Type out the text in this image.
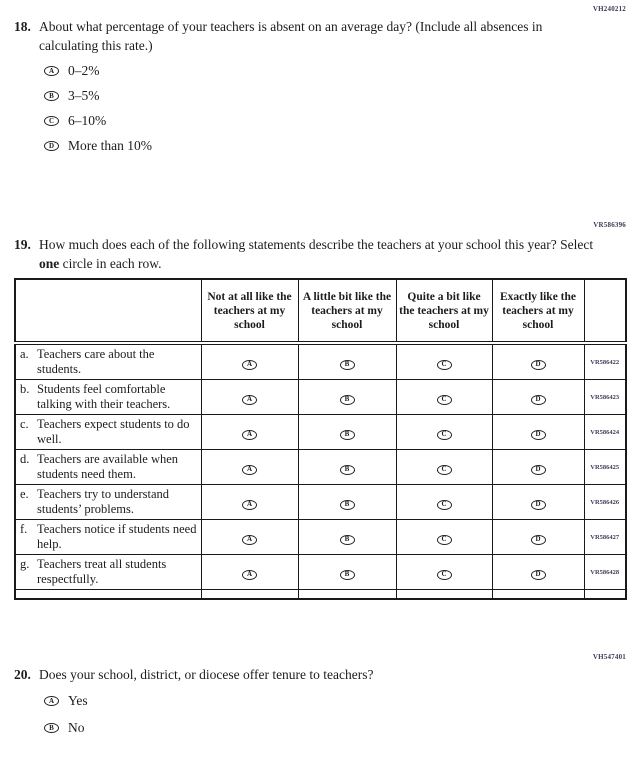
VH240212
18. About what percentage of your teachers is absent on an average day? (Include all absences in calculating this rate.)
A	0–2%
B	3–5%
C	6–10%
D	More than 10%
VR586396
19. How much does each of the following statements describe the teachers at your school this year? Select one circle in each row.
	Not at all like the teachers at my school	A little bit like the teachers at my school	Quite a bit like the teachers at my school	Exactly like the teachers at my school	

a. Teachers care about the students.	A	B	C	D	VR586422

b. Students feel comfortable talking with their teachers.	A	B	C	D	VR586423

c. Teachers expect students to do well.	A	B	C	D	VR586424

d. Teachers are available when students need them.	A	B	C	D	VR586425

e. Teachers try to understand students’ problems.	A	B	C	D	VR586426

f. Teachers notice if students need help.	A	B	C	D	VR586427

g. Teachers treat all students respectfully.	A	B	C	D	VR586428

VH547401
20. Does your school, district, or diocese offer tenure to teachers?
A	Yes
B	No
